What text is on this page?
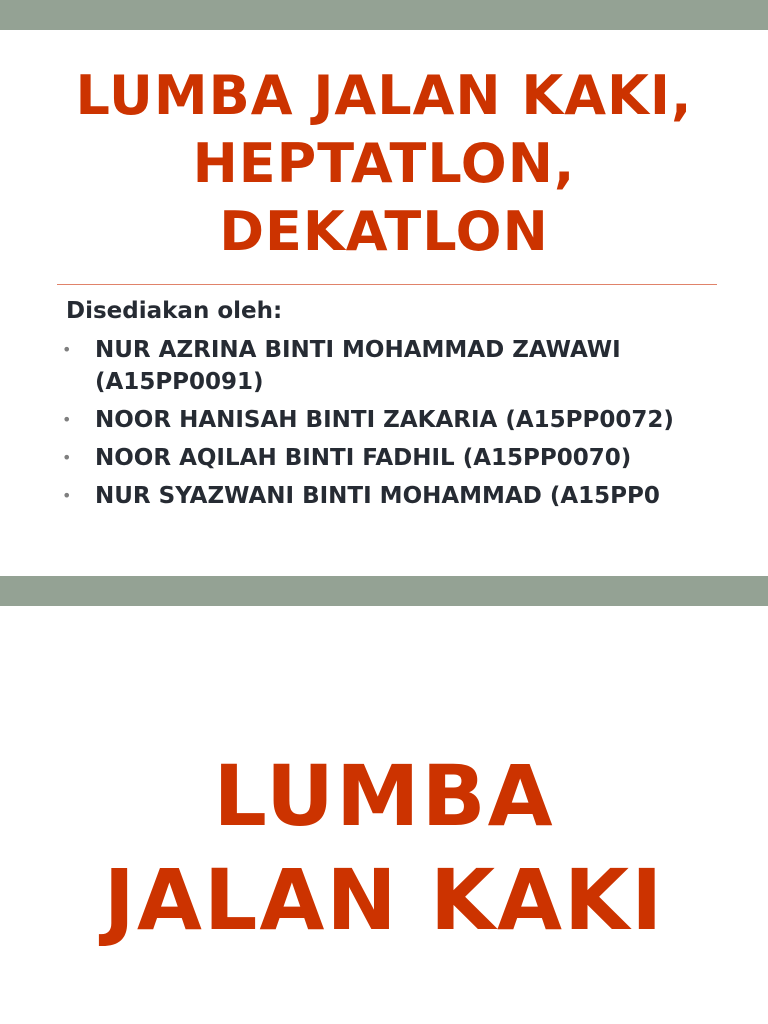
LUMBA JALAN KAKI,
HEPTATLON,
DEKATLON
Disediakan oleh:
• NUR AZRINA BINTI MOHAMMAD ZAWAWI (A15PP0091)
• NOOR HANISAH BINTI ZAKARIA (A15PP0072)
• NOOR AQILAH BINTI FADHIL (A15PP0070)
• NUR SYAZWANI BINTI MOHAMMAD (A15PP0
LUMBA
JALAN KAKI
